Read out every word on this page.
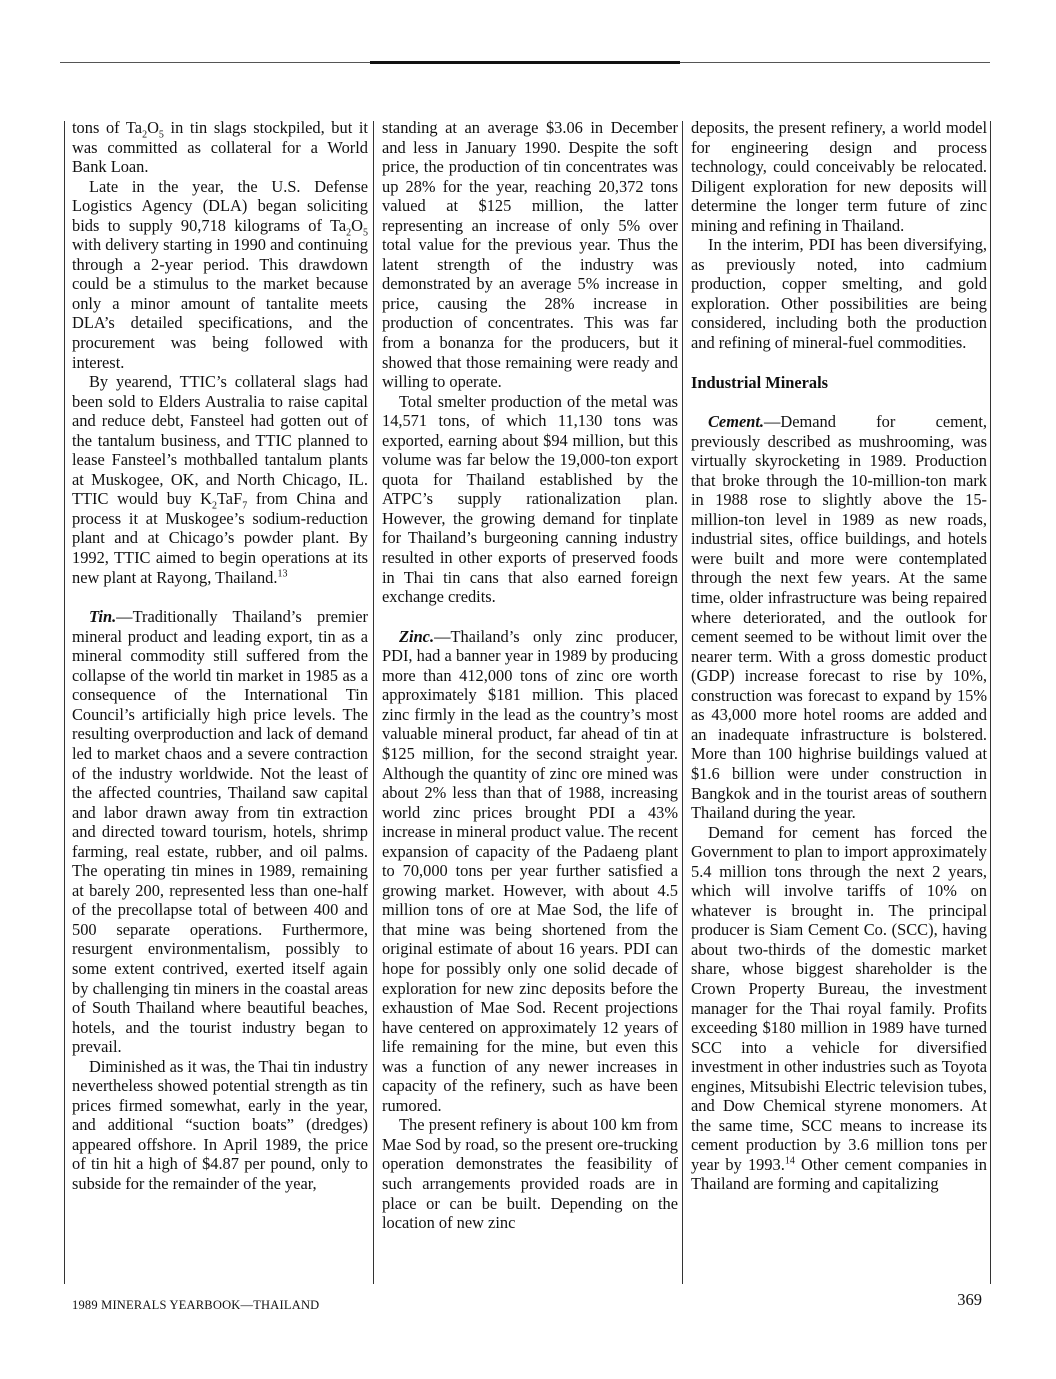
tons of $Ta_2O_5$ in tin slags stockpiled, but it was committed as collateral for a World Bank Loan.

Late in the year, the U.S. Defense Logistics Agency (DLA) began soliciting bids to supply 90,718 kilograms of $Ta_2O_5$ with delivery starting in 1990 and continuing through a 2-year period. This drawdown could be a stimulus to the market because only a minor amount of tantalite meets DLA’s detailed specifications, and the procurement was being followed with interest.

By yearend, TTIC’s collateral slags had been sold to Elders Australia to raise capital and reduce debt, Fansteel had gotten out of the tantalum business, and TTIC planned to lease Fansteel’s mothballed tantalum plants at Muskogee, OK, and North Chicago, IL. TTIC would buy $K_2TaF_7$ from China and process it at Muskogee’s sodium-reduction plant and at Chicago’s powder plant. By 1992, TTIC aimed to begin operations at its new plant at Rayong, Thailand.$^{13}$

Tin.—Traditionally Thailand’s premier mineral product and leading export, tin as a mineral commodity still suffered from the collapse of the world tin market in 1985 as a consequence of the International Tin Council’s artificially high price levels. The resulting overproduction and lack of demand led to market chaos and a severe contraction of the industry worldwide. Not the least of the affected countries, Thailand saw capital and labor drawn away from tin extraction and directed toward tourism, hotels, shrimp farming, real estate, rubber, and oil palms. The operating tin mines in 1989, remaining at barely 200, represented less than one-half of the precollapse total of between 400 and 500 separate operations. Furthermore, resurgent environmentalism, possibly to some extent contrived, exerted itself again by challenging tin miners in the coastal areas of South Thailand where beautiful beaches, hotels, and the tourist industry began to prevail.

Diminished as it was, the Thai tin industry nevertheless showed potential strength as tin prices firmed somewhat, early in the year, and additional “suction boats” (dredges) appeared offshore. In April 1989, the price of tin hit a high of $4.87 per pound, only to subside for the remainder of the year,

standing at an average $3.06 in December and less in January 1990. Despite the soft price, the production of tin concentrates was up 28% for the year, reaching 20,372 tons valued at $125 million, the latter representing an increase of only 5% over total value for the previous year. Thus the latent strength of the industry was demonstrated by an average 5% increase in price, causing the 28% increase in production of concentrates. This was far from a bonanza for the producers, but it showed that those remaining were ready and willing to operate.

Total smelter production of the metal was 14,571 tons, of which 11,130 tons was exported, earning about $94 million, but this volume was far below the 19,000-ton export quota for Thailand established by the ATPC’s supply rationalization plan. However, the growing demand for tinplate for Thailand’s burgeoning canning industry resulted in other exports of preserved foods in Thai tin cans that also earned foreign exchange credits.

Zinc.—Thailand’s only zinc producer, PDI, had a banner year in 1989 by producing more than 412,000 tons of zinc ore worth approximately $181 million. This placed zinc firmly in the lead as the country’s most valuable mineral product, far ahead of tin at $125 million, for the second straight year. Although the quantity of zinc ore mined was about 2% less than that of 1988, increasing world zinc prices brought PDI a 43% increase in mineral product value. The recent expansion of capacity of the Padaeng plant to 70,000 tons per year further satisfied a growing market. However, with about 4.5 million tons of ore at Mae Sod, the life of that mine was being shortened from the original estimate of about 16 years. PDI can hope for possibly only one solid decade of exploration for new zinc deposits before the exhaustion of Mae Sod. Recent projections have centered on approximately 12 years of life remaining for the mine, but even this was a function of any newer increases in capacity of the refinery, such as have been rumored.

The present refinery is about 100 km from Mae Sod by road, so the present ore-trucking operation demonstrates the feasibility of such arrangements provided roads are in place or can be built. Depending on the location of new zinc

deposits, the present refinery, a world model for engineering design and process technology, could conceivably be relocated. Diligent exploration for new deposits will determine the longer term future of zinc mining and refining in Thailand.

In the interim, PDI has been diversifying, as previously noted, into cadmium production, copper smelting, and gold exploration. Other possibilities are being considered, including both the production and refining of mineral-fuel commodities.

Industrial Minerals

Cement.—Demand for cement, previously described as mushrooming, was virtually skyrocketing in 1989. Production that broke through the 10-million-ton mark in 1988 rose to slightly above the 15-million-ton level in 1989 as new roads, industrial sites, office buildings, and hotels were built and more were contemplated through the next few years. At the same time, older infrastructure was being repaired where deteriorated, and the outlook for cement seemed to be without limit over the nearer term. With a gross domestic product (GDP) increase forecast to rise by 10%, construction was forecast to expand by 15% as 43,000 more hotel rooms are added and an inadequate infrastructure is bolstered. More than 100 highrise buildings valued at $1.6 billion were under construction in Bangkok and in the tourist areas of southern Thailand during the year.

Demand for cement has forced the Government to plan to import approximately 5.4 million tons through the next 2 years, which will involve tariffs of 10% on whatever is brought in. The principal producer is Siam Cement Co. (SCC), having about two-thirds of the domestic market share, whose biggest shareholder is the Crown Property Bureau, the investment manager for the Thai royal family. Profits exceeding $180 million in 1989 have turned SCC into a vehicle for diversified investment in other industries such as Toyota engines, Mitsubishi Electric television tubes, and Dow Chemical styrene monomers. At the same time, SCC means to increase its cement production by 3.6 million tons per year by 1993.14 Other cement companies in Thailand are forming and capitalizing

1989 MINERALS YEARBOOK—THAILAND	369
